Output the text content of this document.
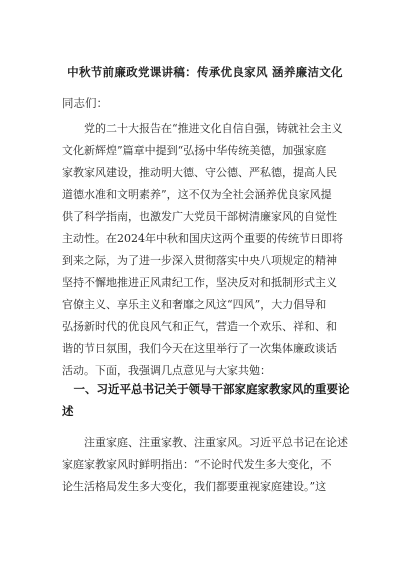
中秋节前廉政党课讲稿：传承优良家风 涵养廉洁文化
同志们：
　　党的二十大报告在“推进文化自信自强，铸就社会主义
文化新辉煌”篇章中提到“弘扬中华传统美德，加强家庭
家教家风建设，推动明大德、守公德、严私德，提高人民
道德水准和文明素养”，这不仅为全社会涵养优良家风提
供了科学指南，也激发广大党员干部树清廉家风的自觉性
主动性。在2024年中秋和国庆这两个重要的传统节日即将
到来之际，为了进一步深入贯彻落实中央八项规定的精神
坚持不懈地推进正风肃纪工作，坚决反对和抵制形式主义
官僚主义、享乐主义和奢靡之风这“四风”，大力倡导和
弘扬新时代的优良风气和正气，营造一个欢乐、祥和、和
谐的节日氛围，我们今天在这里举行了一次集体廉政谈话
活动。下面，我强调几点意见与大家共勉：
　一、习近平总书记关于领导干部家庭家教家风的重要论
述
　　注重家庭、注重家教、注重家风。习近平总书记在论述
家庭家教家风时鲜明指出：“不论时代发生多大变化，不
论生活格局发生多大变化，我们都要重视家庭建设。”这
